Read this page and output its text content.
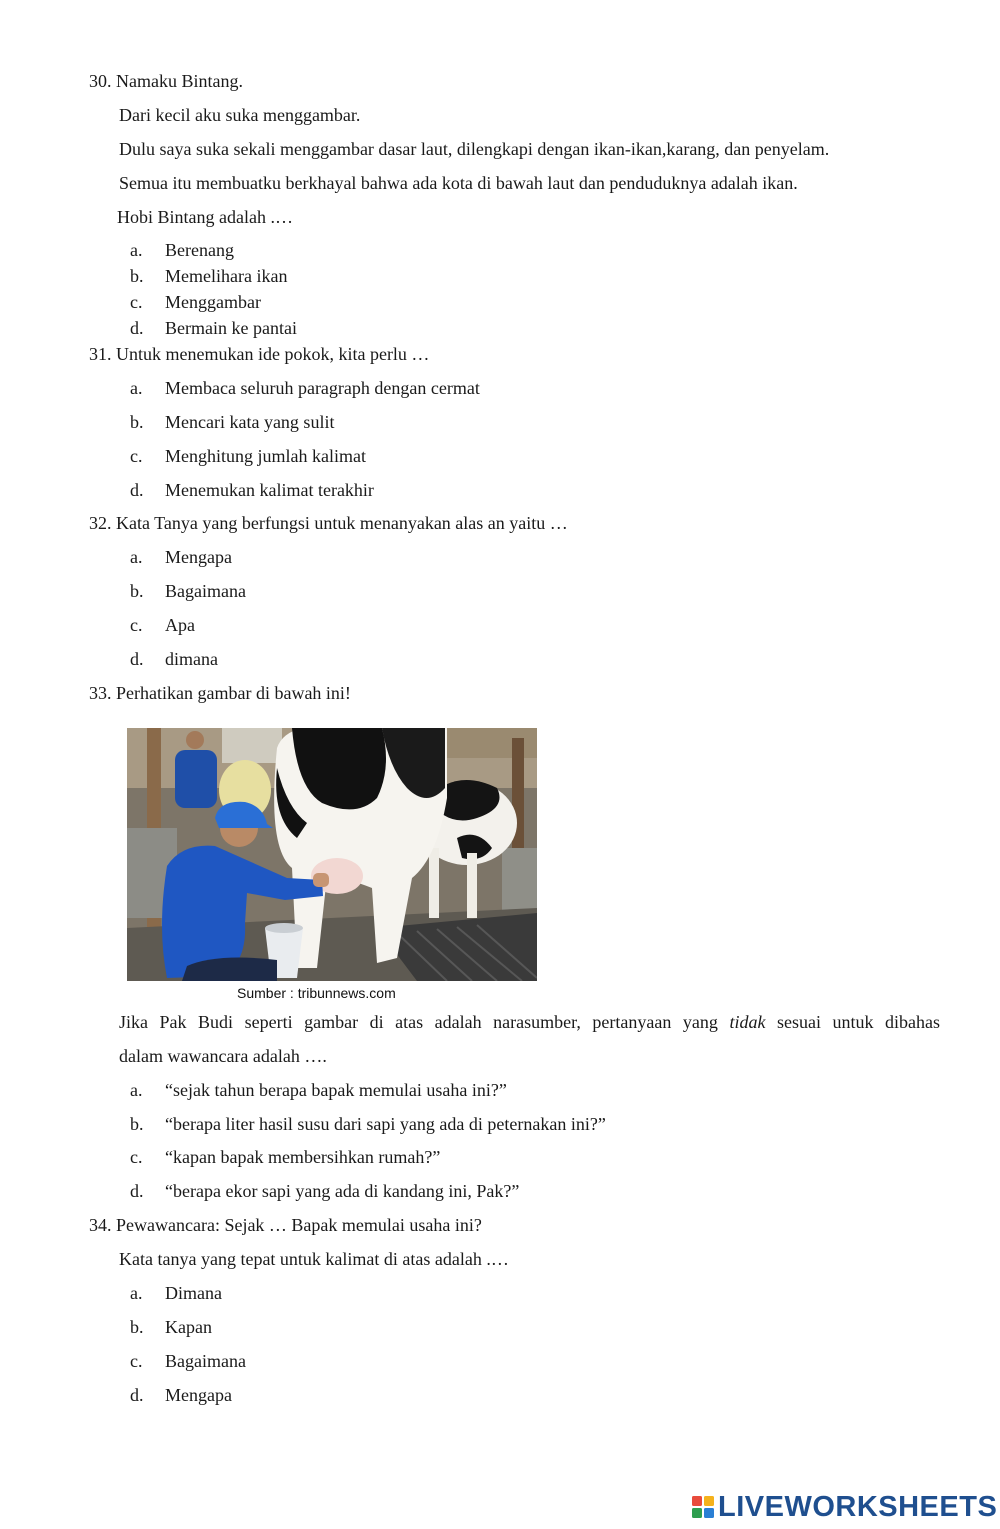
30. Namaku Bintang.
Dari kecil aku suka menggambar.
Dulu saya suka sekali menggambar dasar laut, dilengkapi dengan ikan-ikan,karang, dan penyelam.
Semua itu membuatku berkhayal bahwa ada kota di bawah laut dan penduduknya adalah ikan.
Hobi Bintang adalah .…
a. Berenang
b. Memelihara ikan
c. Menggambar
d. Bermain ke pantai
31. Untuk menemukan ide pokok, kita perlu …
a. Membaca seluruh paragraph dengan cermat
b. Mencari kata yang sulit
c. Menghitung jumlah kalimat
d. Menemukan kalimat terakhir
32. Kata Tanya yang berfungsi untuk menanyakan alas an yaitu …
a. Mengapa
b. Bagaimana
c. Apa
d. dimana
33. Perhatikan gambar di bawah ini!
Sumber : tribunnews.com
Jika Pak Budi seperti gambar di atas adalah narasumber, pertanyaan yang tidak sesuai untuk dibahas
dalam wawancara adalah ….
a. “sejak tahun berapa bapak memulai usaha ini?”
b. “berapa liter hasil susu dari sapi yang ada di peternakan ini?”
c. “kapan bapak membersihkan rumah?”
d. “berapa ekor sapi yang ada di kandang ini, Pak?”
34. Pewawancara: Sejak … Bapak memulai usaha ini?
Kata tanya yang tepat untuk kalimat di atas adalah .…
a. Dimana
b. Kapan
c. Bagaimana
d. Mengapa
LIVEWORKSHEETS
